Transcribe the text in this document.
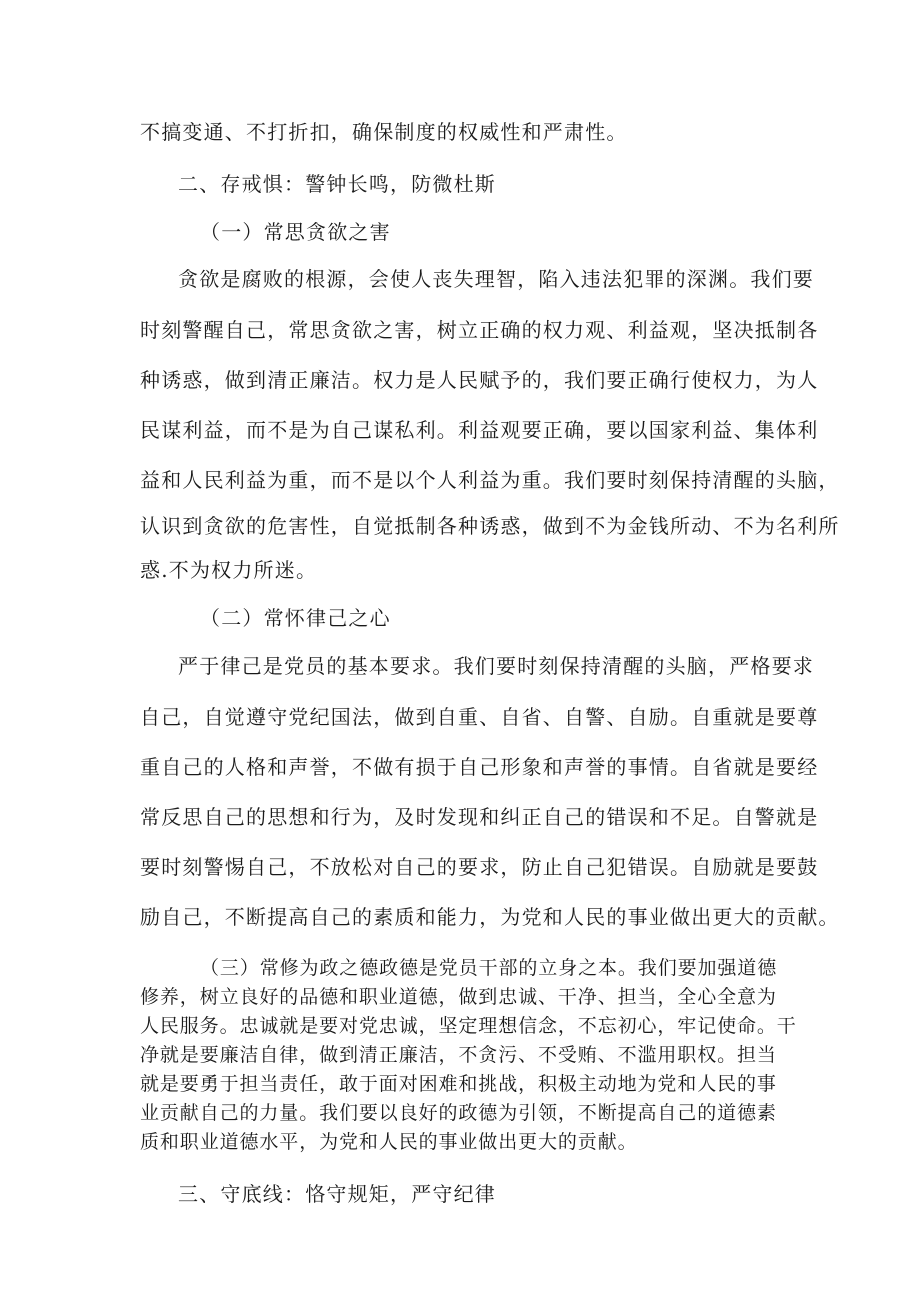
不搞变通、不打折扣，确保制度的权威性和严肃性。

二、存戒惧：警钟长鸣，防微杜斯

（一）常思贪欲之害

贪欲是腐败的根源，会使人丧失理智，陷入违法犯罪的深渊。我们要

时刻警醒自己，常思贪欲之害，树立正确的权力观、利益观，坚决抵制各

种诱惑，做到清正廉洁。权力是人民赋予的，我们要正确行使权力，为人

民谋利益，而不是为自己谋私利。利益观要正确，要以国家利益、集体利

益和人民利益为重，而不是以个人利益为重。我们要时刻保持清醒的头脑，

认识到贪欲的危害性，自觉抵制各种诱惑，做到不为金钱所动、不为名利所

惑.不为权力所迷。

（二）常怀律己之心

严于律己是党员的基本要求。我们要时刻保持清醒的头脑，严格要求

自己，自觉遵守党纪国法，做到自重、自省、自警、自励。自重就是要尊

重自己的人格和声誉，不做有损于自己形象和声誉的事情。自省就是要经

常反思自己的思想和行为，及时发现和纠正自己的错误和不足。自警就是

要时刻警惕自己，不放松对自己的要求，防止自己犯错误。自励就是要鼓

励自己，不断提高自己的素质和能力，为党和人民的事业做出更大的贡献。

（三）常修为政之德政德是党员干部的立身之本。我们要加强道德

修养，树立良好的品德和职业道德，做到忠诚、干净、担当，全心全意为

人民服务。忠诚就是要对党忠诚，坚定理想信念，不忘初心，牢记使命。干

净就是要廉洁自律，做到清正廉洁，不贪污、不受贿、不滥用职权。担当

就是要勇于担当责任，敢于面对困难和挑战，积极主动地为党和人民的事

业贡献自己的力量。我们要以良好的政德为引领，不断提高自己的道德素

质和职业道德水平，为党和人民的事业做出更大的贡献。

三、守底线：恪守规矩，严守纪律
